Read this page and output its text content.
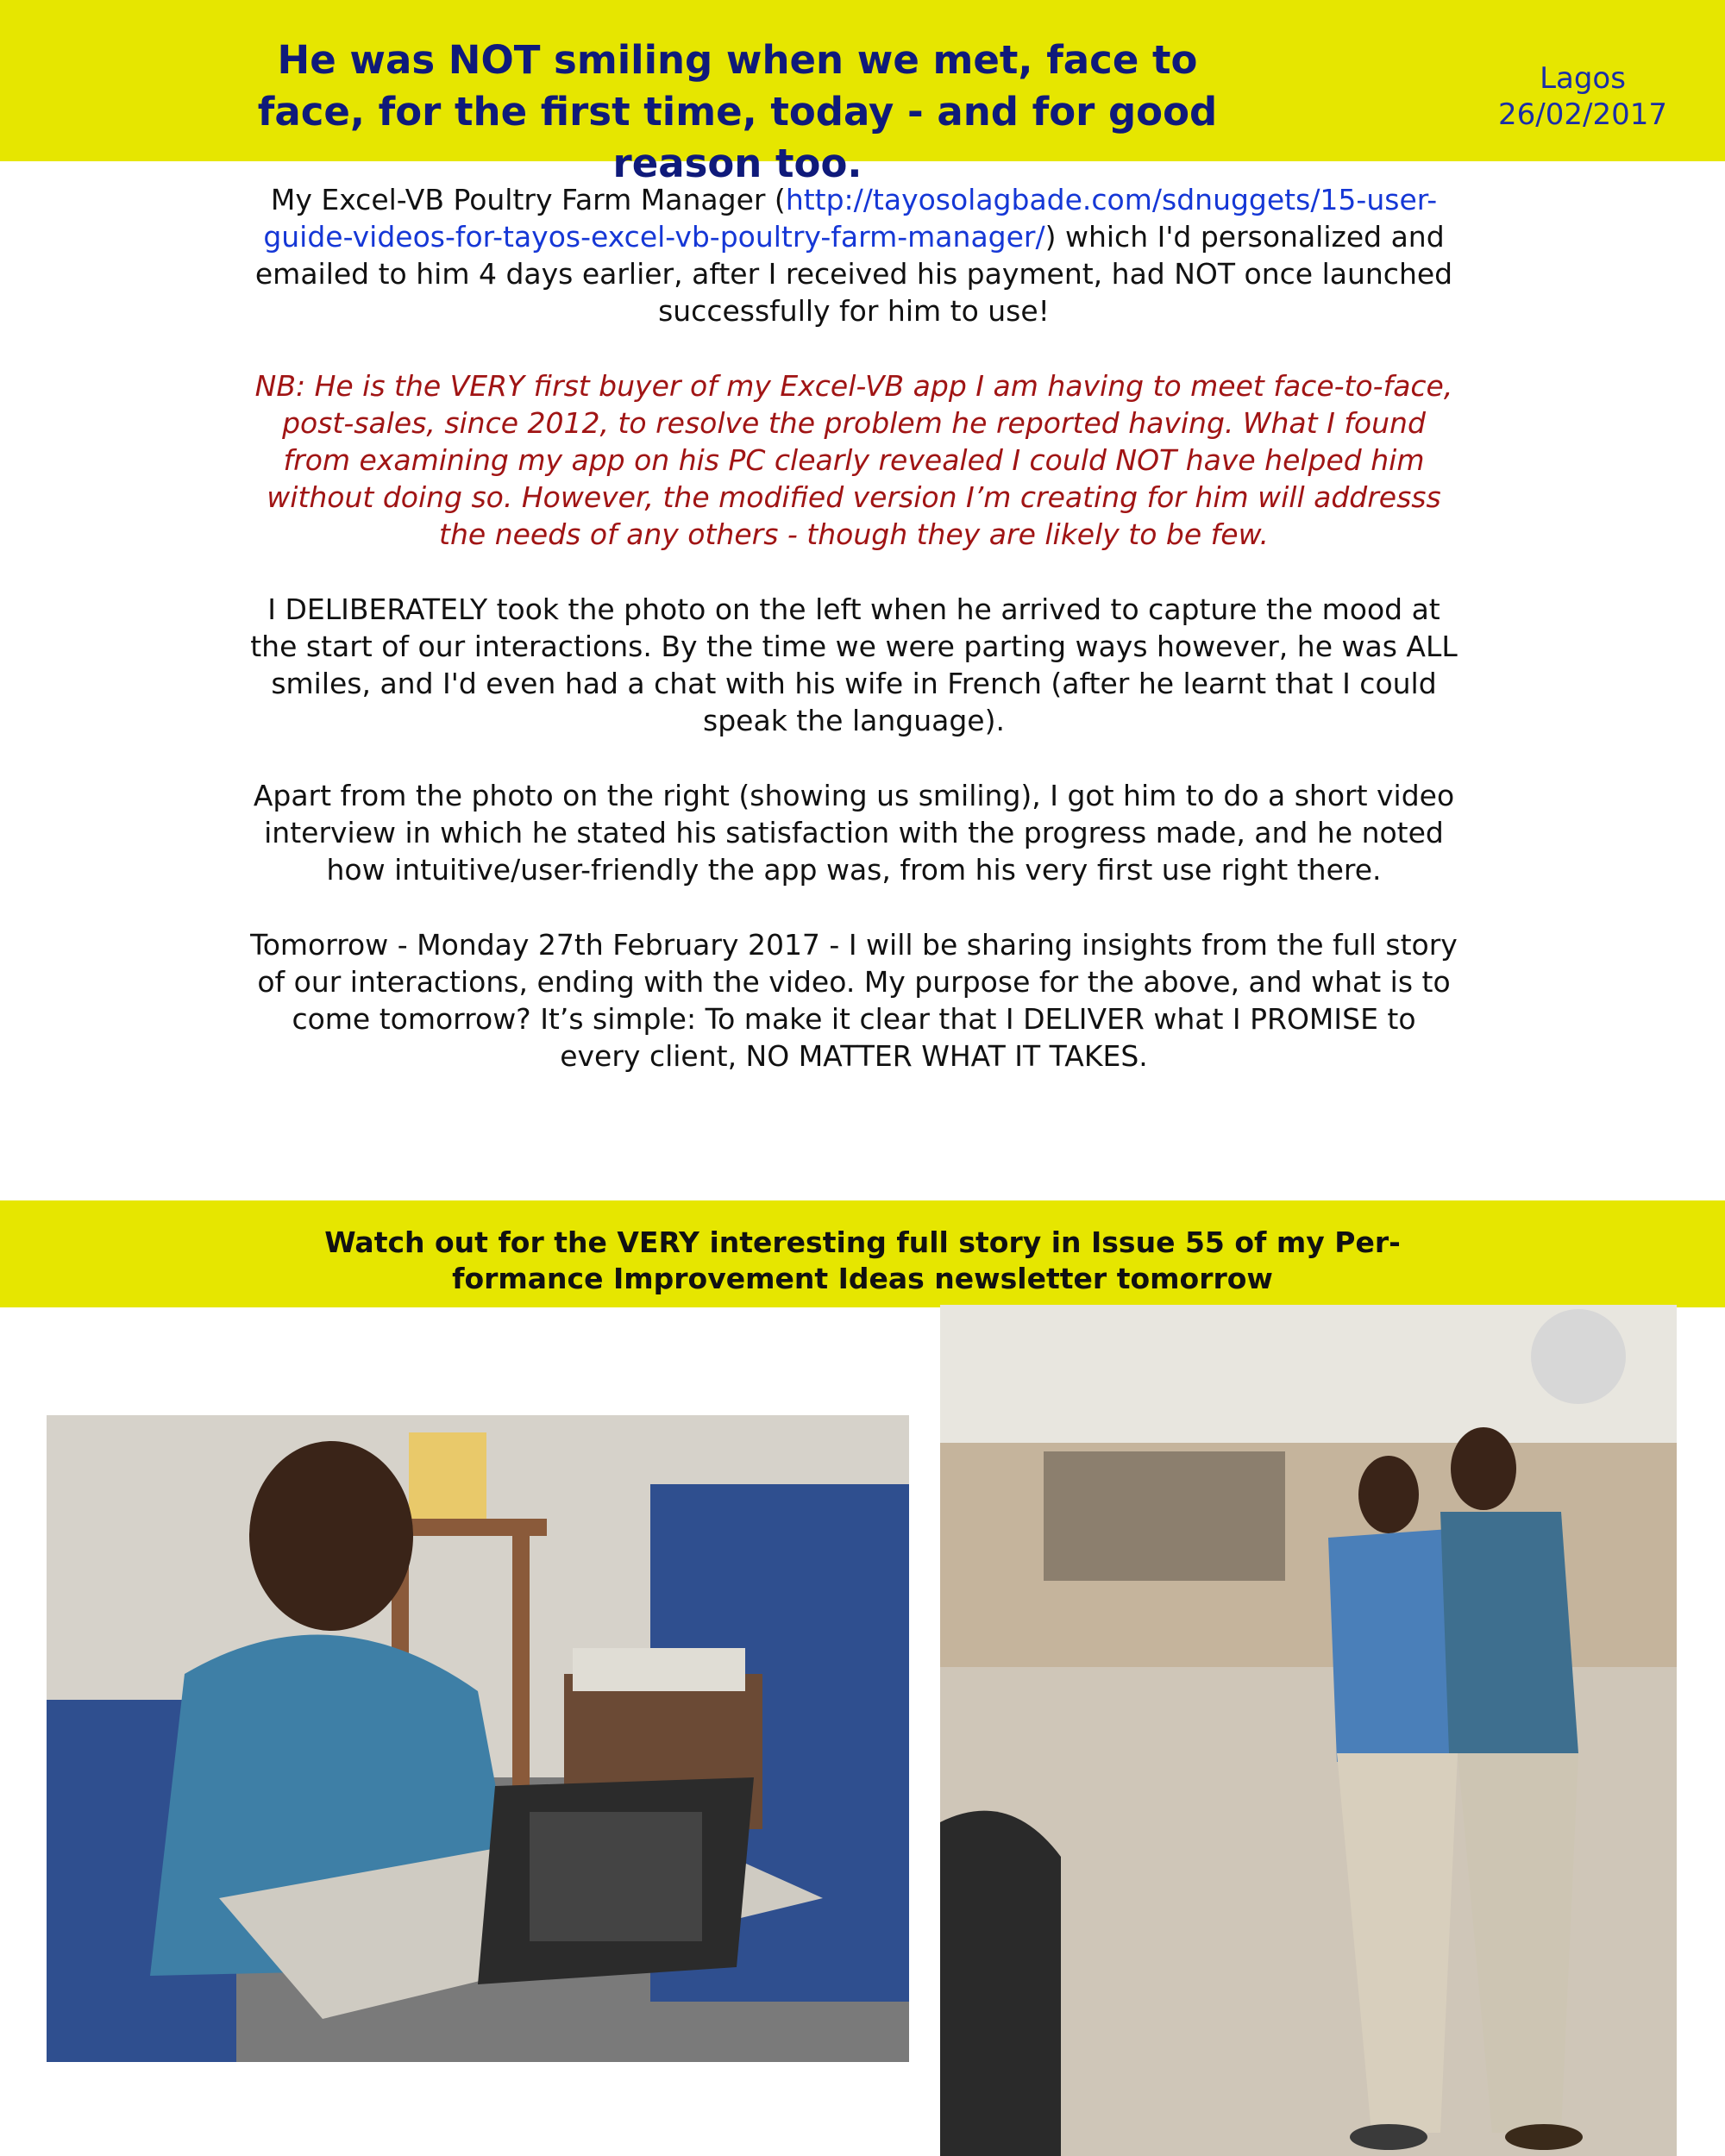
He was NOT smiling when we met, face to face, for the first time, today - and for good reason too.
Lagos
26/02/2017

My Excel-VB Poultry Farm Manager (http://tayosolagbade.com/sdnuggets/15-user-guide-videos-for-tayos-excel-vb-poultry-farm-manager/) which I'd personalized and emailed to him 4 days earlier, after I received his payment, had NOT once launched successfully for him to use!

NB: He is the VERY first buyer of my Excel-VB app I am having to meet face-to-face, post-sales, since 2012, to resolve the problem he reported having. What I found from examining my app on his PC clearly revealed I could NOT have helped him without doing so. However, the modified version I’m creating for him will addresss the needs of any others - though they are likely to be few.

I DELIBERATELY took the photo on the left when he arrived to capture the mood at the start of our interactions. By the time we were parting ways however, he was ALL smiles, and I'd even had a chat with his wife in French (after he learnt that I could speak the language).

Apart from the photo on the right (showing us smiling), I got him to do a short video interview in which he stated his satisfaction with the progress made, and he noted how intuitive/user-friendly the app was, from his very first use right there.

Tomorrow - Monday 27th February 2017 - I will be sharing insights from the full story of our interactions, ending with the video. My purpose for the above, and what is to come tomorrow? It’s simple: To make it clear that I DELIVER what I PROMISE to every client, NO MATTER WHAT IT TAKES.

Watch out for the VERY interesting full story in Issue 55 of my Per-formance Improvement Ideas newsletter tomorrow
